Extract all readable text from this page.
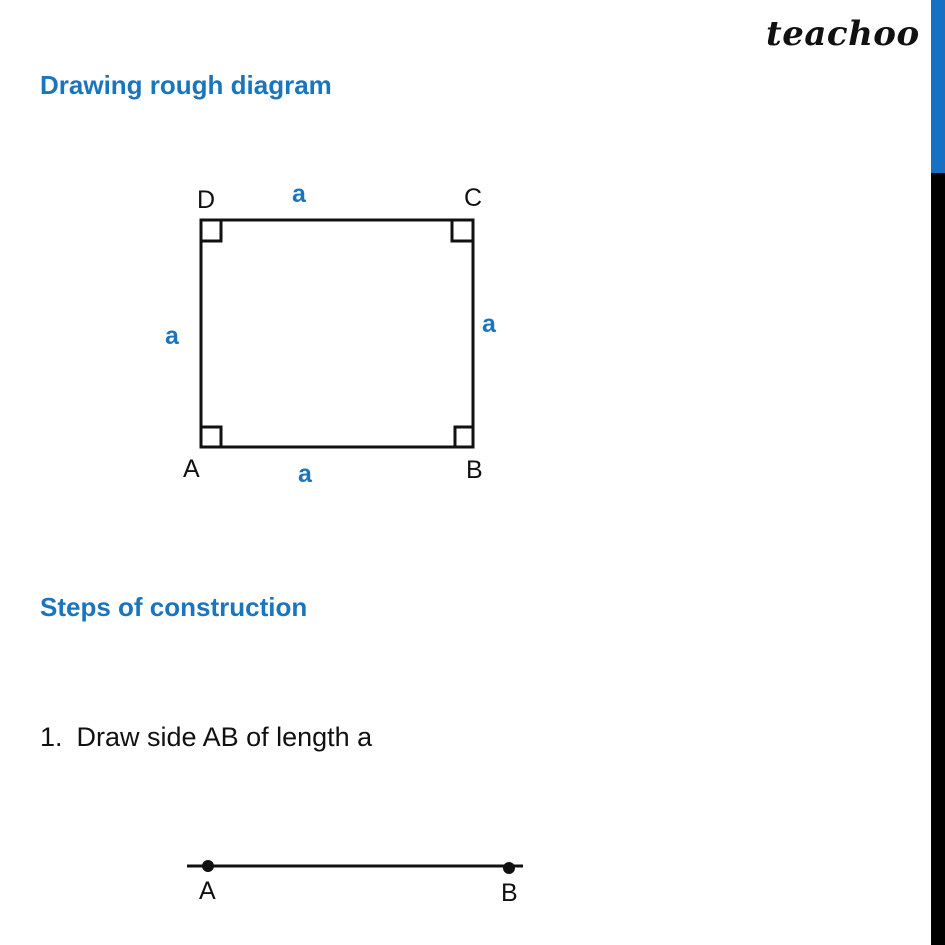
teachoo
Drawing rough diagram
D	C
A	B
a
a	a
a
Steps of construction
1. Draw side AB of length a
A	B
